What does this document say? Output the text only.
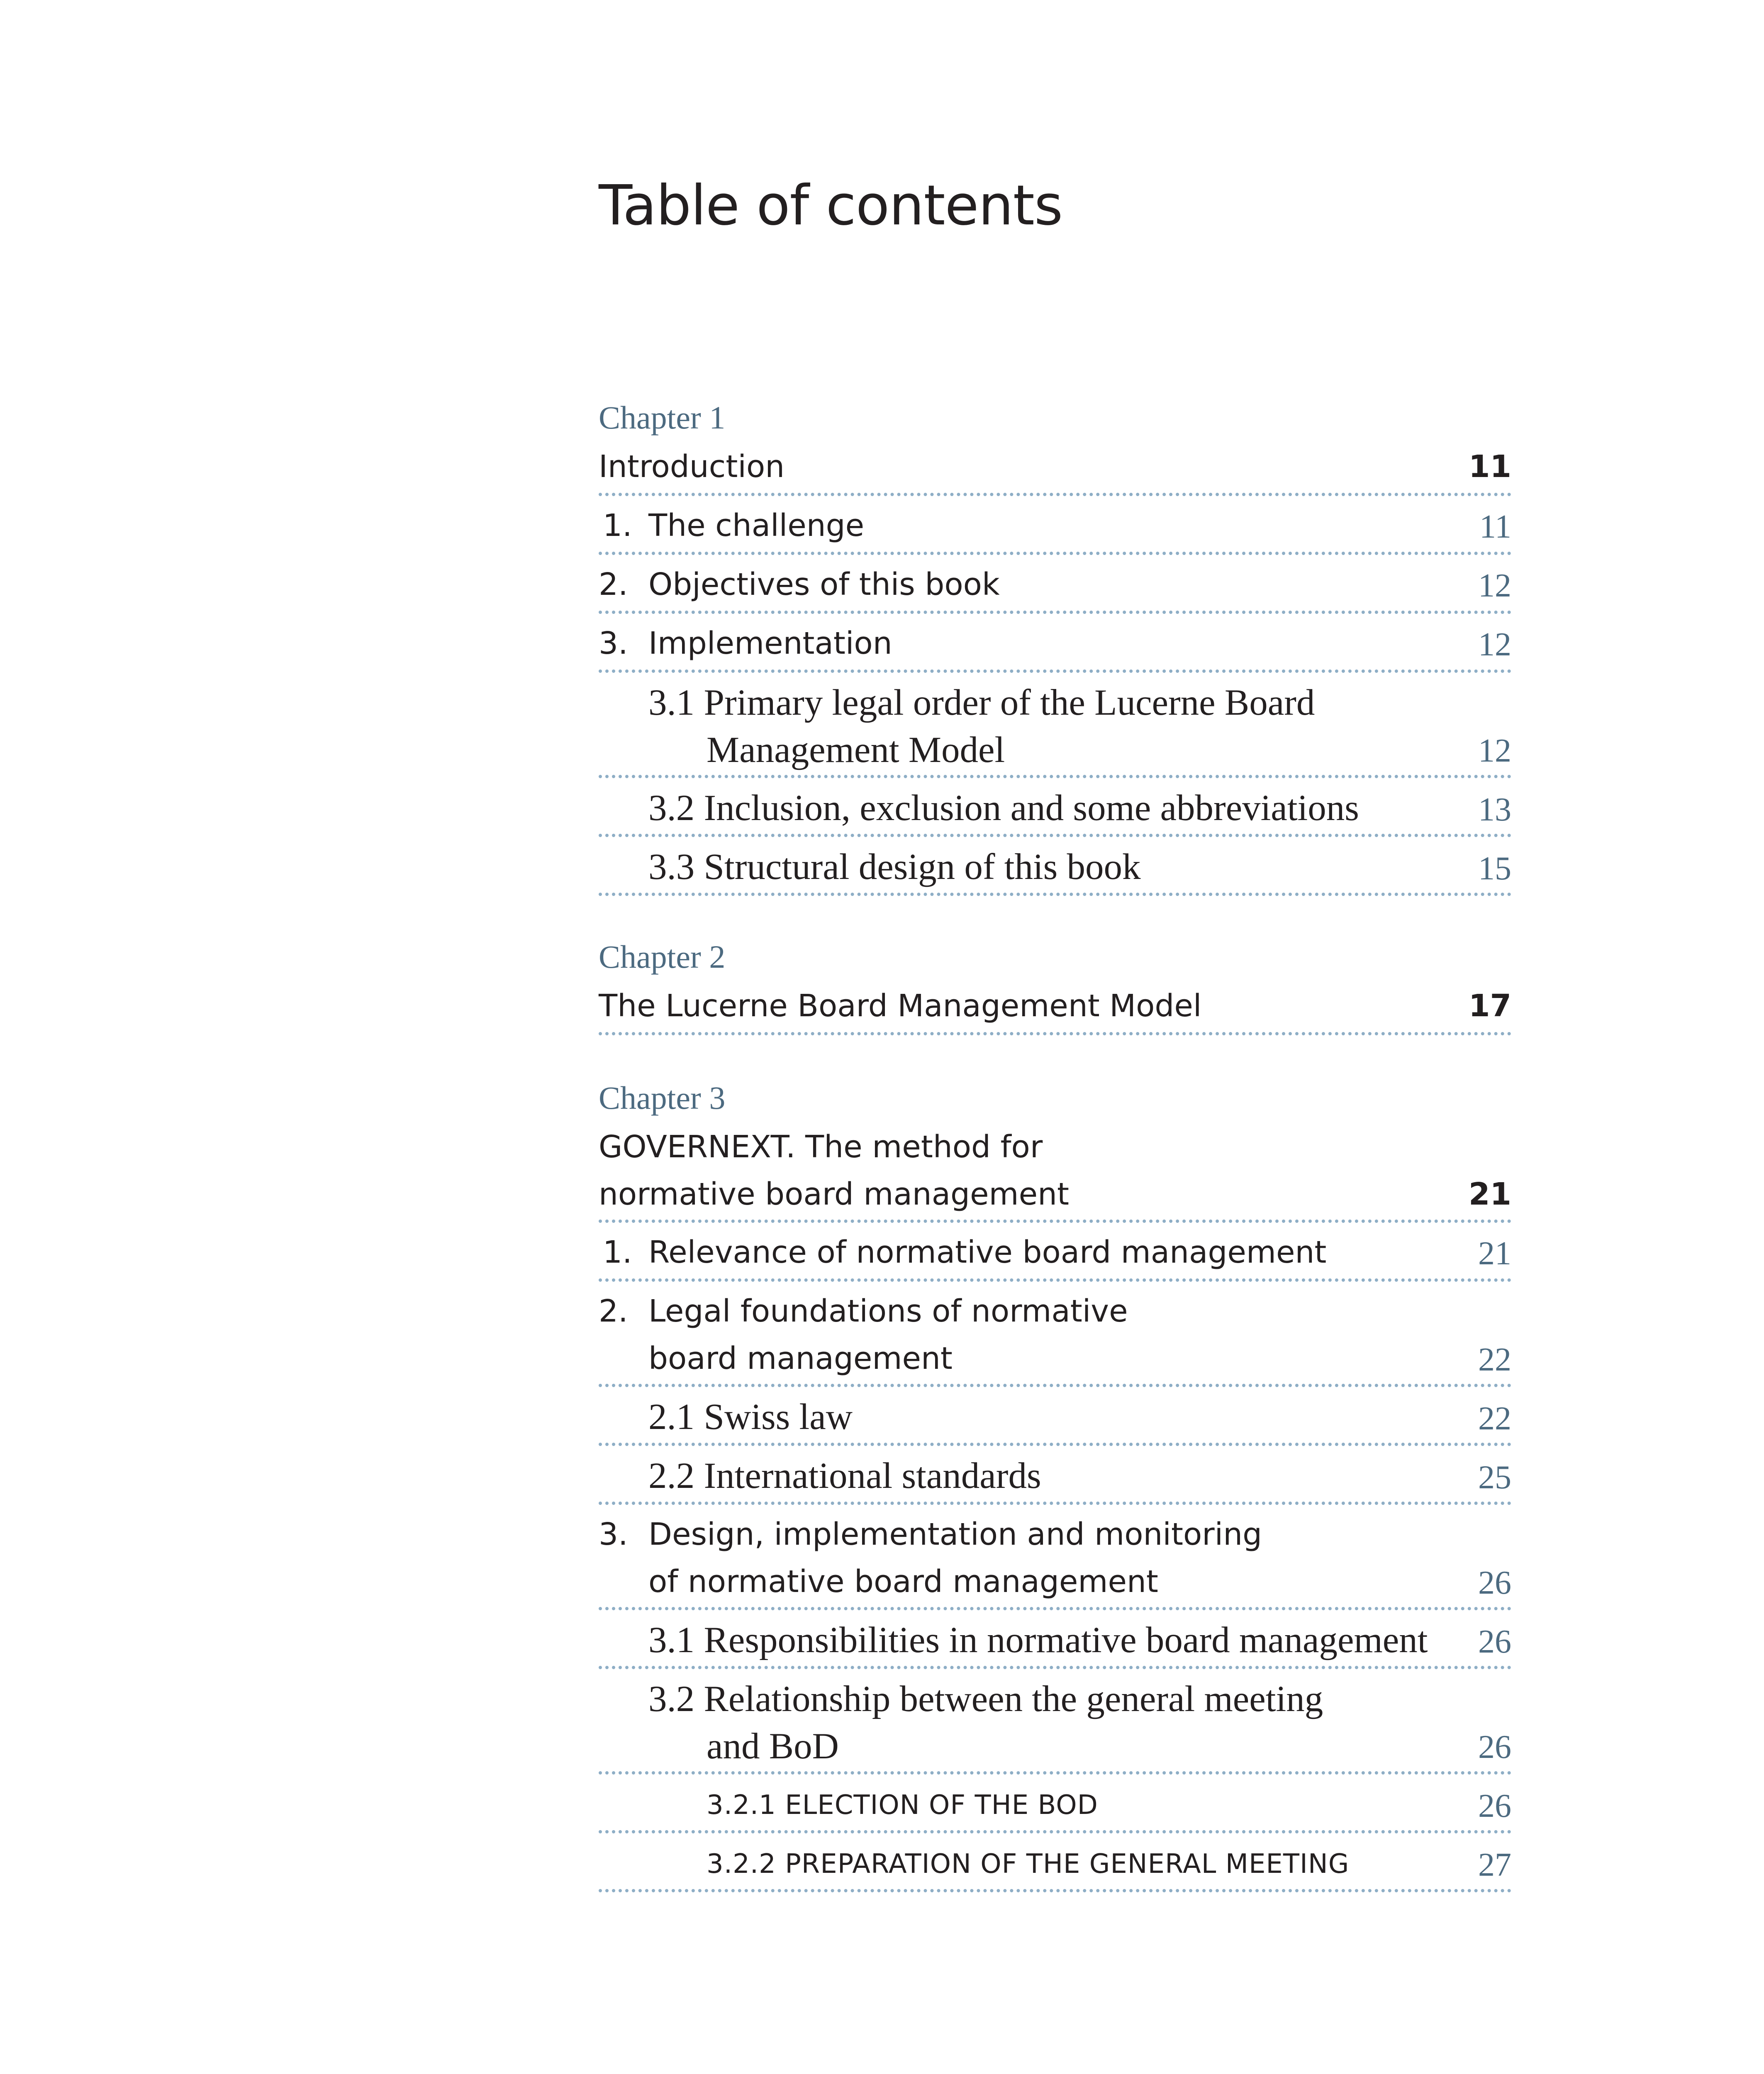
Table of contents
Chapter 1
Introduction	11
1. The challenge	11
2. Objectives of this book	12
3. Implementation	12
3.1 Primary legal order of the Lucerne Board
Management Model	12
3.2 Inclusion, exclusion and some abbreviations	13
3.3 Structural design of this book	15
Chapter 2
The Lucerne Board Management Model	17
Chapter 3
GOVERNEXT. The method for
normative board management	21
1. Relevance of normative board management	21
2. Legal foundations of normative
board management	22
2.1 Swiss law	22
2.2 International standards	25
3. Design, implementation and monitoring
of normative board management	26
3.1 Responsibilities in normative board management 26
3.2 Relationship between the general meeting
and BoD	26
3.2.1 ELECTION OF THE BOD	26
3.2.2 PREPARATION OF THE GENERAL MEETING	27
